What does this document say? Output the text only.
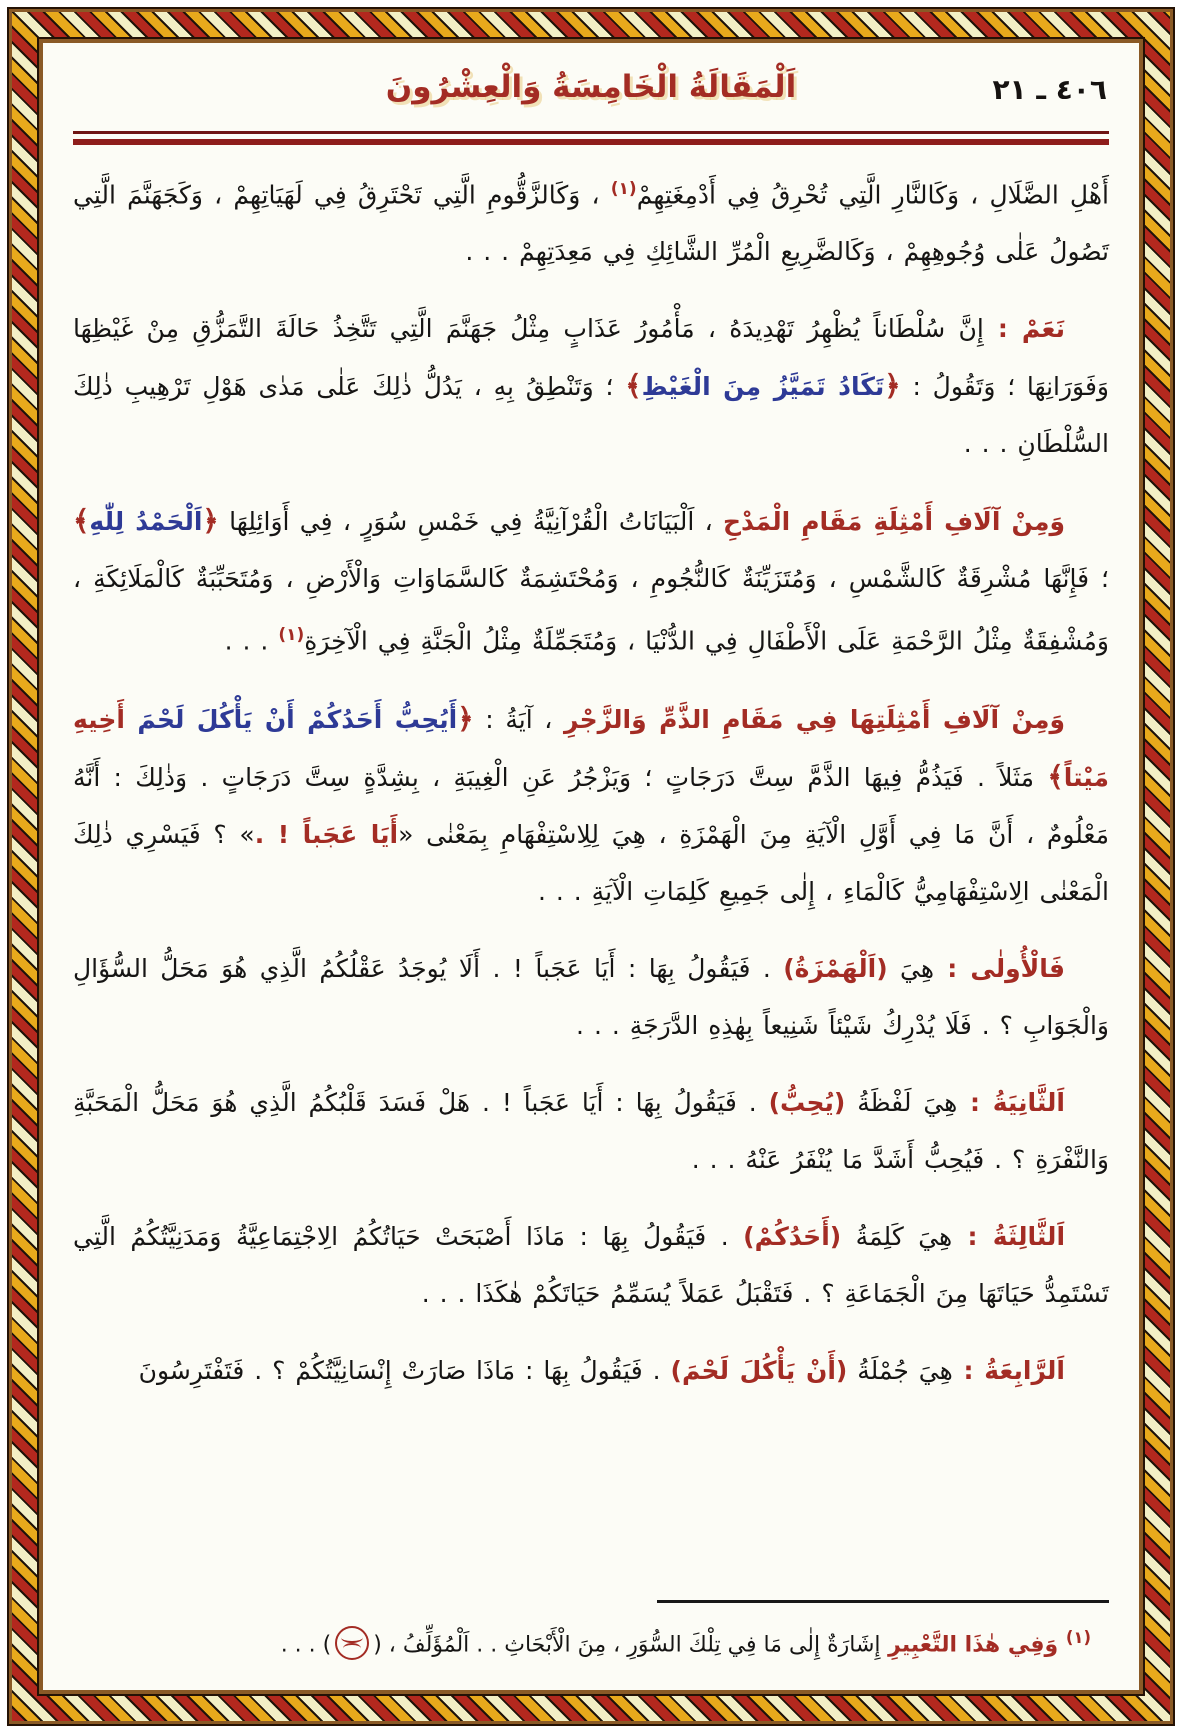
٤٠٦ ـ ٢١
اَلْمَقَالَةُ الْخَامِسَةُ وَالْعِشْرُونَ

أَهْلِ الضَّلَالِ ، وَكَالنَّارِ الَّتِي تُحْرِقُ فِي أَدْمِغَتِهِمْ$^{(١)}$ ، وَكَالزَّقُّومِ الَّتِي تَحْتَرِقُ فِي لَهَيَاتِهِمْ ، وَكَجَهَنَّمَ الَّتِي تَصُولُ عَلٰى وُجُوهِهِمْ ، وَكَالضَّرِيعِ الْمُرِّ الشَّائِكِ فِي مَعِدَتِهِمْ . . .

نَعَمْ : إِنَّ سُلْطَاناً يُظْهِرُ تَهْدِيدَهُ ، مَأْمُورُ عَذَابٍ مِثْلُ جَهَنَّمَ الَّتِي تَتَّخِذُ حَالَةَ التَّمَزُّقِ مِنْ غَيْظِهَا وَفَوَرَانِهَا ؛ وَتَقُولُ : ﴿تَكَادُ تَمَيَّزُ مِنَ الْغَيْظِ﴾ ؛ وَتَنْطِقُ بِهِ ، يَدُلُّ ذٰلِكَ عَلٰى مَدٰى هَوْلِ تَرْهِيبِ ذٰلِكَ السُّلْطَانِ . . .

وَمِنْ آلَافِ أَمْثِلَةِ مَقَامِ الْمَدْحِ ، اَلْبَيَانَاتُ الْقُرْآنِيَّةُ فِي خَمْسِ سُوَرٍ ، فِي أَوَائِلِهَا ﴿اَلْحَمْدُ لِلّٰهِ﴾ ؛ فَإِنَّهَا مُشْرِقَةٌ كَالشَّمْسِ ، وَمُتَزَيِّنَةٌ كَالنُّجُومِ ، وَمُحْتَشِمَةٌ كَالسَّمَاوَاتِ وَالْأَرْضِ ، وَمُتَحَبِّبَةٌ كَالْمَلَائِكَةِ ، وَمُشْفِقَةٌ مِثْلُ الرَّحْمَةِ عَلَى الْأَطْفَالِ فِي الدُّنْيَا ، وَمُتَجَمِّلَةٌ مِثْلُ الْجَنَّةِ فِي الْآخِرَةِ$^{(١)}$ . . .

وَمِنْ آلَافِ أَمْثِلَتِهَا فِي مَقَامِ الذَّمِّ وَالزَّجْرِ ، آيَةُ : ﴿أَيُحِبُّ أَحَدُكُمْ أَنْ يَأْكُلَ لَحْمَ أَخِيهِ مَيْتاً﴾ مَثَلاً . فَيَذُمُّ فِيهَا الذَّمَّ سِتَّ دَرَجَاتٍ ؛ وَيَزْجُرُ عَنِ الْغِيبَةِ ، بِشِدَّةٍ سِتَّ دَرَجَاتٍ . وَذٰلِكَ : أَنَّهُ مَعْلُومٌ ، أَنَّ مَا فِي أَوَّلِ الْآيَةِ مِنَ الْهَمْزَةِ ، هِيَ لِلِاسْتِفْهَامِ بِمَعْنٰى «أَيَا عَجَباً ! .» ؟ فَيَسْرِي ذٰلِكَ الْمَعْنٰى الِاسْتِفْهَامِيُّ كَالْمَاءِ ، إِلٰى جَمِيعِ كَلِمَاتِ الْآيَةِ . . .

فَالْأُولٰى : هِيَ (اَلْهَمْزَةُ) . فَيَقُولُ بِهَا : أَيَا عَجَباً ! . أَلَا يُوجَدُ عَقْلُكُمُ الَّذِي هُوَ مَحَلُّ السُّؤَالِ وَالْجَوَابِ ؟ . فَلَا يُدْرِكُ شَيْئاً شَنِيعاً بِهٰذِهِ الدَّرَجَةِ . . .

اَلثَّانِيَةُ : هِيَ لَفْظَةُ (يُحِبُّ) . فَيَقُولُ بِهَا : أَيَا عَجَباً ! . هَلْ فَسَدَ قَلْبُكُمُ الَّذِي هُوَ مَحَلُّ الْمَحَبَّةِ وَالنَّفْرَةِ ؟ . فَيُحِبُّ أَشَدَّ مَا يُنْفَرُ عَنْهُ . . .

اَلثَّالِثَةُ : هِيَ كَلِمَةُ (أَحَدُكُمْ) . فَيَقُولُ بِهَا : مَاذَا أَصْبَحَتْ حَيَاتُكُمُ الِاجْتِمَاعِيَّةُ وَمَدَنِيَّتُكُمُ الَّتِي تَسْتَمِدُّ حَيَاتَهَا مِنَ الْجَمَاعَةِ ؟ . فَتَقْبَلُ عَمَلاً يُسَمِّمُ حَيَاتَكُمْ هٰكَذَا . . .

اَلرَّابِعَةُ : هِيَ جُمْلَةُ (أَنْ يَأْكُلَ لَحْمَ) . فَيَقُولُ بِهَا : مَاذَا صَارَتْ إِنْسَانِيَّتُكُمْ ؟ . فَتَفْتَرِسُونَ

$^{(١)}$ وَفِي هٰذَا التَّعْبِيرِ إِشَارَةٌ إِلٰى مَا فِي تِلْكَ السُّوَرِ ، مِنَ الْأَبْحَاثِ . . اَلْمُؤَلِّفُ ، () . . .
